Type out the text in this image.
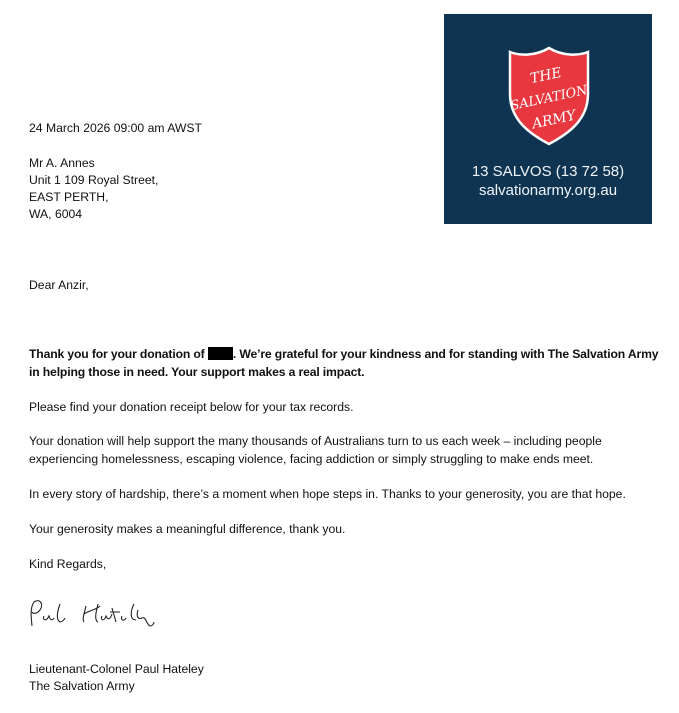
THE
SALVATION
ARMY
13 SALVOS (13 72 58)
salvationarmy.org.au
24 March 2026 09:00 am AWST
Mr A. Annes
Unit 1 109 Royal Street,
EAST PERTH,
WA, 6004
Dear Anzir,
Thank you for your donation of . We’re grateful for your kindness and for standing with The Salvation Army
in helping those in need. Your support makes a real impact.
Please find your donation receipt below for your tax records.
Your donation will help support the many thousands of Australians turn to us each week – including people
experiencing homelessness, escaping violence, facing addiction or simply struggling to make ends meet.
In every story of hardship, there’s a moment when hope steps in. Thanks to your generosity, you are that hope.
Your generosity makes a meaningful difference, thank you.
Kind Regards,
Lieutenant-Colonel Paul Hateley
The Salvation Army
